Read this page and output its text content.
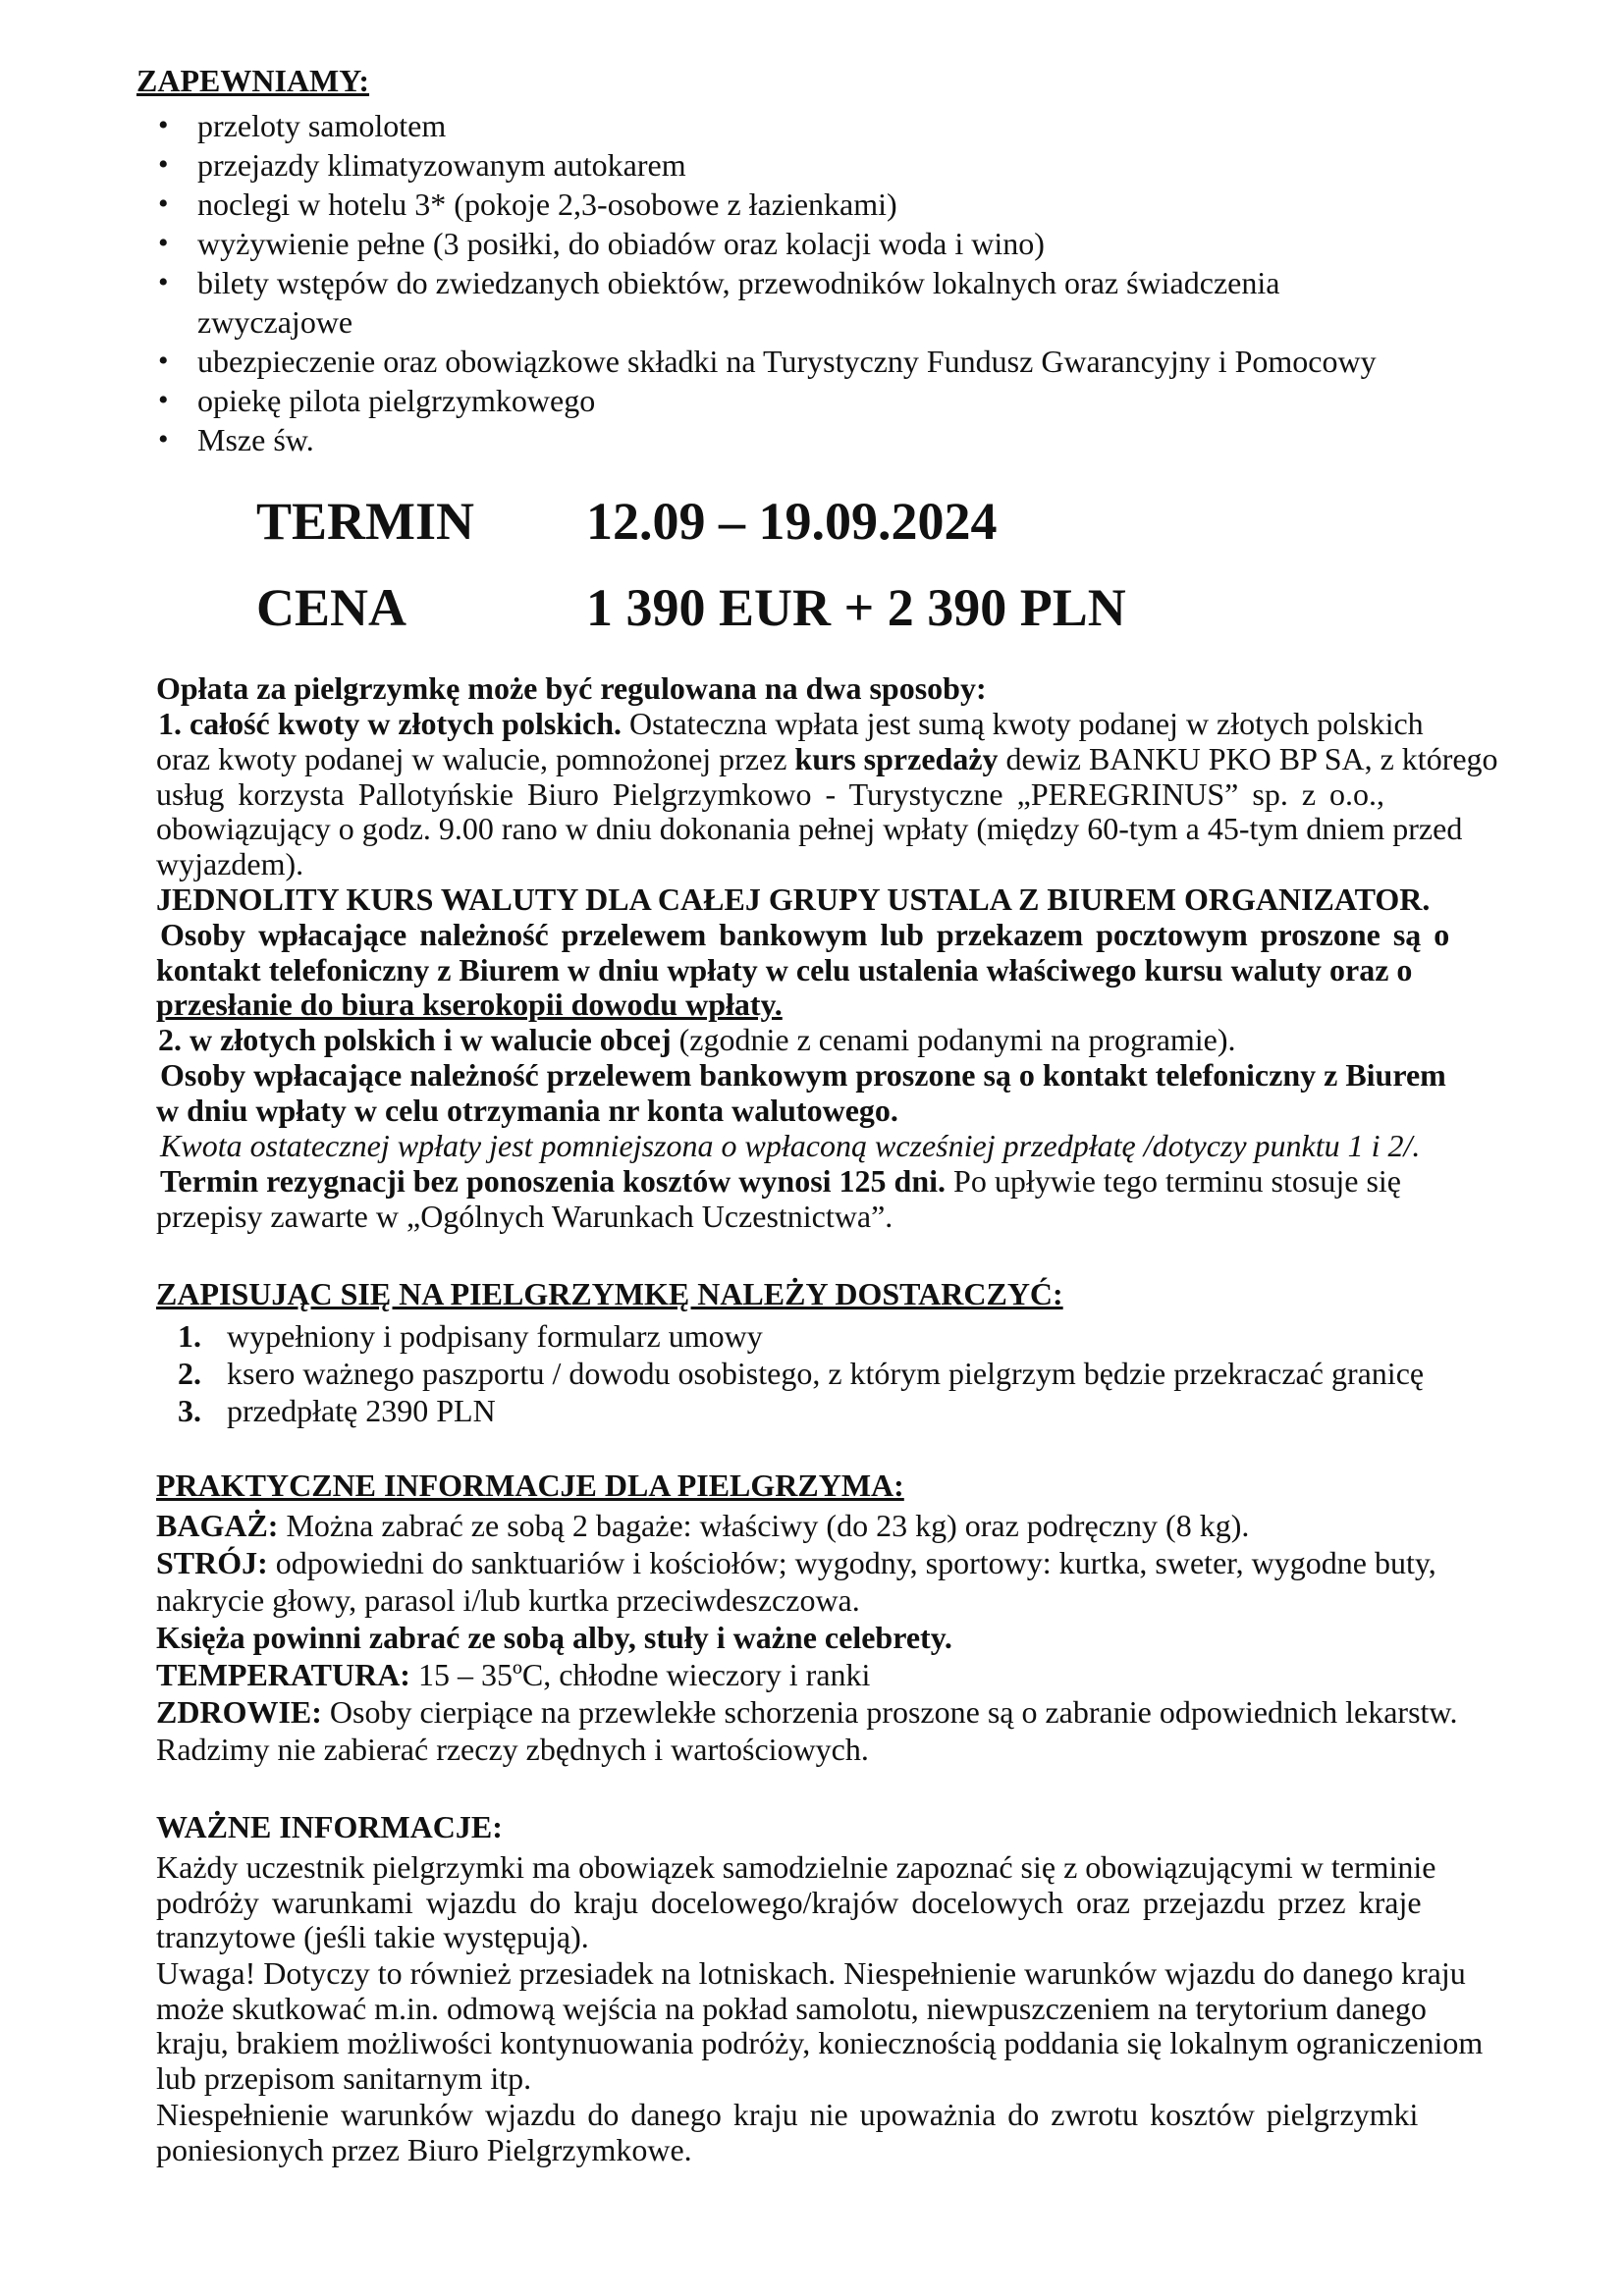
ZAPEWNIAMY:
• przeloty samolotem
• przejazdy klimatyzowanym autokarem
• noclegi w hotelu 3* (pokoje 2,3-osobowe z łazienkami)
• wyżywienie pełne (3 posiłki, do obiadów oraz kolacji woda i wino)
• bilety wstępów do zwiedzanych obiektów, przewodników lokalnych oraz świadczenia
zwyczajowe
• ubezpieczenie oraz obowiązkowe składki na Turystyczny Fundusz Gwarancyjny i Pomocowy
• opiekę pilota pielgrzymkowego
• Msze św.
TERMIN 12.09 – 19.09.2024
CENA	1 390 EUR + 2 390 PLN
Opłata za pielgrzymkę może być regulowana na dwa sposoby:
1. całość kwoty w złotych polskich. Ostateczna wpłata jest sumą kwoty podanej w złotych polskich
oraz kwoty podanej w walucie, pomnożonej przez kurs sprzedaży dewiz BANKU PKO BP SA, z którego
usług korzysta Pallotyńskie Biuro Pielgrzymkowo - Turystyczne „PEREGRINUS” sp. z o.o.,
obowiązujący o godz. 9.00 rano w dniu dokonania pełnej wpłaty (między 60-tym a 45-tym dniem przed
wyjazdem).
JEDNOLITY KURS WALUTY DLA CAŁEJ GRUPY USTALA Z BIUREM ORGANIZATOR.
Osoby wpłacające należność przelewem bankowym lub przekazem pocztowym proszone są o
kontakt telefoniczny z Biurem w dniu wpłaty w celu ustalenia właściwego kursu waluty oraz o
przesłanie do biura kserokopii dowodu wpłaty.
2. w złotych polskich i w walucie obcej (zgodnie z cenami podanymi na programie).
Osoby wpłacające należność przelewem bankowym proszone są o kontakt telefoniczny z Biurem
w dniu wpłaty w celu otrzymania nr konta walutowego.
Kwota ostatecznej wpłaty jest pomniejszona o wpłaconą wcześniej przedpłatę /dotyczy punktu 1 i 2/.
Termin rezygnacji bez ponoszenia kosztów wynosi 125 dni. Po upływie tego terminu stosuje się
przepisy zawarte w „Ogólnych Warunkach Uczestnictwa”.
ZAPISUJĄC SIĘ NA PIELGRZYMKĘ NALEŻY DOSTARCZYĆ:
1. wypełniony i podpisany formularz umowy
2. ksero ważnego paszportu / dowodu osobistego, z którym pielgrzym będzie przekraczać granicę
3. przedpłatę 2390 PLN
PRAKTYCZNE INFORMACJE DLA PIELGRZYMA:
BAGAŻ: Można zabrać ze sobą 2 bagaże: właściwy (do 23 kg) oraz podręczny (8 kg).
STRÓJ: odpowiedni do sanktuariów i kościołów; wygodny, sportowy: kurtka, sweter, wygodne buty,
nakrycie głowy, parasol i/lub kurtka przeciwdeszczowa.
Księża powinni zabrać ze sobą alby, stuły i ważne celebrety.
TEMPERATURA: 15 – 35ºC, chłodne wieczory i ranki
ZDROWIE: Osoby cierpiące na przewlekłe schorzenia proszone są o zabranie odpowiednich lekarstw.
Radzimy nie zabierać rzeczy zbędnych i wartościowych.
WAŻNE INFORMACJE:
Każdy uczestnik pielgrzymki ma obowiązek samodzielnie zapoznać się z obowiązującymi w terminie
podróży warunkami wjazdu do kraju docelowego/krajów docelowych oraz przejazdu przez kraje
tranzytowe (jeśli takie występują).
Uwaga! Dotyczy to również przesiadek na lotniskach. Niespełnienie warunków wjazdu do danego kraju
może skutkować m.in. odmową wejścia na pokład samolotu, niewpuszczeniem na terytorium danego
kraju, brakiem możliwości kontynuowania podróży, koniecznością poddania się lokalnym ograniczeniom
lub przepisom sanitarnym itp.
Niespełnienie warunków wjazdu do danego kraju nie upoważnia do zwrotu kosztów pielgrzymki
poniesionych przez Biuro Pielgrzymkowe.
